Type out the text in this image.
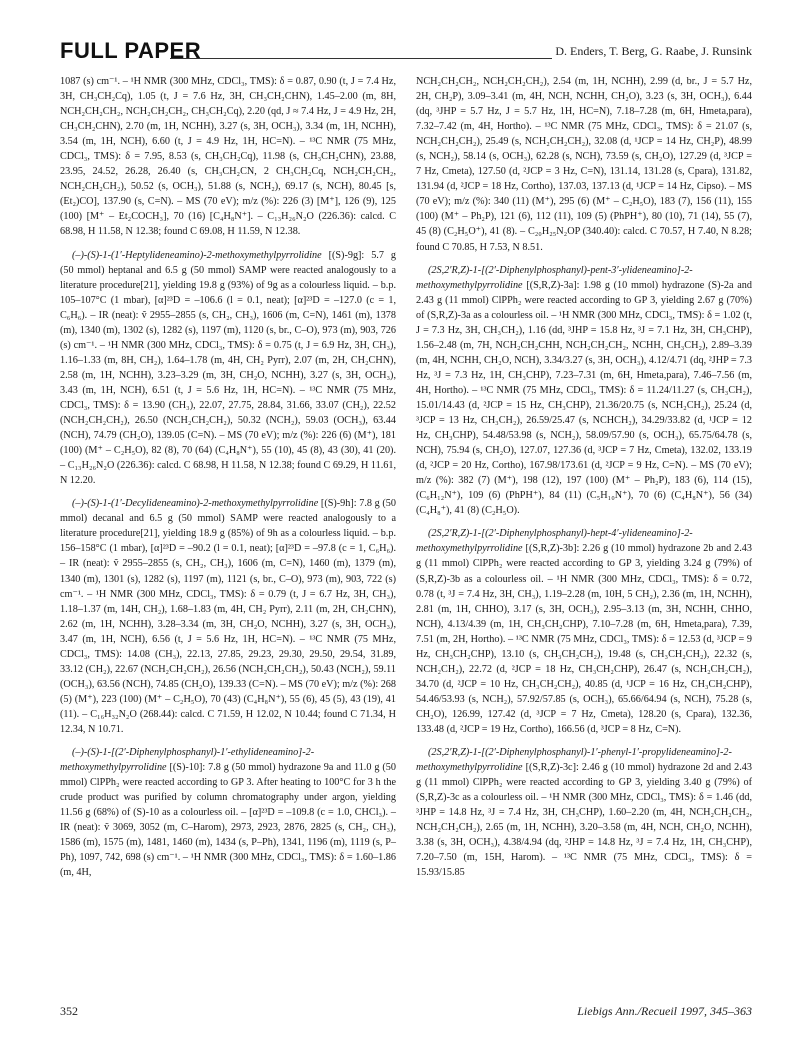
FULL PAPER	D. Enders, T. Berg, G. Raabe, J. Runsink

1087 (s) cm⁻¹. – ¹H NMR (300 MHz, CDCl₃, TMS): δ = 0.87, 0.90 (t, J = 7.4 Hz, 3H, CH₃CH₂Cq), 1.05 (t, J = 7.6 Hz, 3H, CH₃CH₂CHN), 1.45–2.00 (m, 8H, NCH₂CH₂CH₂, NCH₂CH₂CH₂, CH₃CH₂Cq), 2.20 (qd, J ≈ 7.4 Hz, J = 4.9 Hz, 2H, CH₃CH₂CHN), 2.70 (m, 1H, NCHH), 3.27 (s, 3H, OCH₃), 3.34 (m, 1H, NCHH), 3.54 (m, 1H, NCH), 6.60 (t, J = 4.9 Hz, 1H, HC=N). – ¹³C NMR (75 MHz, CDCl₃, TMS): δ = 7.95, 8.53 (s, CH₃CH₂Cq), 11.98 (s, CH₃CH₂CHN), 23.88, 23.95, 24.52, 26.28, 26.40 (s, CH₃CH₂CN, 2 CH₃CH₂Cq, NCH₂CH₂CH₂, NCH₂CH₂CH₂), 50.52 (s, OCH₃), 51.88 (s, NCH₂), 69.17 (s, NCH), 80.45 [s, (Et₂)CO], 137.90 (s, C=N). – MS (70 eV); m/z (%): 226 (3) [M⁺], 126 (9), 125 (100) [M⁺ – Et₂COCH₃], 70 (16) [C₄H₈N⁺]. – C₁₃H₂₆N₂O (226.36): calcd. C 68.98, H 11.58, N 12.38; found C 69.08, H 11.59, N 12.38.

(–)-(S)-1-(1′-Heptylideneamino)-2-methoxymethylpyrrolidine [(S)-9g]: 5.7 g (50 mmol) heptanal and 6.5 g (50 mmol) SAMP were reacted analogously to a literature procedure[21], yielding 19.8 g (93%) of 9g as a colourless liquid. – b.p. 105–107°C (1 mbar), [α]²³D = –106.6 (l = 0.1, neat); [α]²³D = –127.0 (c = 1, C₆H₆). – IR (neat): ṽ 2955–2855 (s, CH₂, CH₃), 1606 (m, C=N), 1461 (m), 1378 (m), 1340 (m), 1302 (s), 1282 (s), 1197 (m), 1120 (s, br., C–O), 973 (m), 903, 726 (s) cm⁻¹. – ¹H NMR (300 MHz, CDCl₃, TMS): δ = 0.75 (t, J = 6.9 Hz, 3H, CH₃), 1.16–1.33 (m, 8H, CH₂), 1.64–1.78 (m, 4H, CH₂ Pyrr), 2.07 (m, 2H, CH₂CHN), 2.58 (m, 1H, NCHH), 3.23–3.29 (m, 3H, CH₂O, NCHH), 3.27 (s, 3H, OCH₃), 3.43 (m, 1H, NCH), 6.51 (t, J = 5.6 Hz, 1H, HC=N). – ¹³C NMR (75 MHz, CDCl₃, TMS): δ = 13.90 (CH₃), 22.07, 27.75, 28.84, 31.66, 33.07 (CH₂), 22.52 (NCH₂CH₂CH₂), 26.50 (NCH₂CH₂CH₂), 50.32 (NCH₂), 59.03 (OCH₃), 63.44 (NCH), 74.79 (CH₂O), 139.05 (C=N). – MS (70 eV); m/z (%): 226 (6) (M⁺), 181 (100) (M⁺ – C₂H₅O), 82 (8), 70 (64) (C₄H₈N⁺), 55 (10), 45 (8), 43 (30), 41 (20). – C₁₃H₂₆N₂O (226.36): calcd. C 68.98, H 11.58, N 12.38; found C 69.29, H 11.61, N 12.20.

(–)-(S)-1-(1′-Decylideneamino)-2-methoxymethylpyrrolidine [(S)-9h]: 7.8 g (50 mmol) decanal and 6.5 g (50 mmol) SAMP were reacted analogously to a literature procedure[21], yielding 18.9 g (85%) of 9h as a colourless liquid. – b.p. 156–158°C (1 mbar), [α]²³D = –90.2 (l = 0.1, neat); [α]²³D = –97.8 (c = 1, C₆H₆). – IR (neat): ṽ 2955–2855 (s, CH₂, CH₃), 1606 (m, C=N), 1460 (m), 1379 (m), 1340 (m), 1301 (s), 1282 (s), 1197 (m), 1121 (s, br., C–O), 973 (m), 903, 722 (s) cm⁻¹. – ¹H NMR (300 MHz, CDCl₃, TMS): δ = 0.79 (t, J = 6.7 Hz, 3H, CH₃), 1.18–1.37 (m, 14H, CH₂), 1.68–1.83 (m, 4H, CH₂ Pyrr), 2.11 (m, 2H, CH₂CHN), 2.62 (m, 1H, NCHH), 3.28–3.34 (m, 3H, CH₂O, NCHH), 3.27 (s, 3H, OCH₃), 3.47 (m, 1H, NCH), 6.56 (t, J = 5.6 Hz, 1H, HC=N). – ¹³C NMR (75 MHz, CDCl₃, TMS): 14.08 (CH₃), 22.13, 27.85, 29.23, 29.30, 29.50, 29.54, 31.89, 33.12 (CH₂), 22.67 (NCH₂CH₂CH₂), 26.56 (NCH₂CH₂CH₂), 50.43 (NCH₂), 59.11 (OCH₃), 63.56 (NCH), 74.85 (CH₂O), 139.33 (C=N). – MS (70 eV); m/z (%): 268 (5) (M⁺), 223 (100) (M⁺ – C₂H₅O), 70 (43) (C₄H₈N⁺), 55 (6), 45 (5), 43 (19), 41 (11). – C₁₆H₃₂N₂O (268.44): calcd. C 71.59, H 12.02, N 10.44; found C 71.34, H 12.34, N 10.71.

(–)-(S)-1-[(2′-Diphenylphosphanyl)-1′-ethylideneamino]-2-methoxymethylpyrrolidine [(S)-10]: 7.8 g (50 mmol) hydrazone 9a and 11.0 g (50 mmol) ClPPh₂ were reacted according to GP 3. After heating to 100°C for 3 h the crude product was purified by column chromatography under argon, yielding 11.56 g (68%) of (S)-10 as a colourless oil. – [α]²³D = –109.8 (c = 1.0, CHCl₃). – IR (neat): ṽ 3069, 3052 (m, C–Harom), 2973, 2923, 2876, 2825 (s, CH₂, CH₃), 1586 (m), 1575 (m), 1481, 1460 (m), 1434 (s, P–Ph), 1341, 1196 (m), 1119 (s, P–Ph), 1097, 742, 698 (s) cm⁻¹. – ¹H NMR (300 MHz, CDCl₃, TMS): δ = 1.60–1.86 (m, 4H,

NCH₂CH₂CH₂, NCH₂CH₂CH₂), 2.54 (m, 1H, NCHH), 2.99 (d, br., J = 5.7 Hz, 2H, CH₂P), 3.09–3.41 (m, 4H, NCH, NCHH, CH₂O), 3.23 (s, 3H, OCH₃), 6.44 (dq, ³JHP = 5.7 Hz, J = 5.7 Hz, 1H, HC=N), 7.18–7.28 (m, 6H, Hmeta,para), 7.32–7.42 (m, 4H, Hortho). – ¹³C NMR (75 MHz, CDCl₃, TMS): δ = 21.07 (s, NCH₂CH₂CH₂), 25.49 (s, NCH₂CH₂CH₂), 32.08 (d, ¹JCP = 14 Hz, CH₂P), 48.99 (s, NCH₂), 58.14 (s, OCH₃), 62.28 (s, NCH), 73.59 (s, CH₂O), 127.29 (d, ³JCP = 7 Hz, Cmeta), 127.50 (d, ²JCP = 3 Hz, C=N), 131.14, 131.28 (s, Cpara), 131.82, 131.94 (d, ²JCP = 18 Hz, Cortho), 137.03, 137.13 (d, ¹JCP = 14 Hz, Cipso). – MS (70 eV); m/z (%): 340 (11) (M⁺), 295 (6) (M⁺ – C₂H₅O), 183 (7), 156 (11), 155 (100) (M⁺ – Ph₂P), 121 (6), 112 (11), 109 (5) (PhPH⁺), 80 (10), 71 (14), 55 (7), 45 (8) (C₂H₅O⁺), 41 (8). – C₂₀H₂₅N₂OP (340.40): calcd. C 70.57, H 7.40, N 8.28; found C 70.85, H 7.53, N 8.51.

(2S,2′R,Z)-1-[(2′-Diphenylphosphanyl)-pent-3′-ylideneamino]-2-methoxymethylpyrrolidine [(S,R,Z)-3a]: 1.98 g (10 mmol) hydrazone (S)-2a and 2.43 g (11 mmol) ClPPh₂ were reacted according to GP 3, yielding 2.67 g (70%) of (S,R,Z)-3a as a colourless oil. – ¹H NMR (300 MHz, CDCl₃, TMS): δ = 1.02 (t, J = 7.3 Hz, 3H, CH₃CH₂), 1.16 (dd, ³JHP = 15.8 Hz, ³J = 7.1 Hz, 3H, CH₃CHP), 1.56–2.48 (m, 7H, NCH₂CH₂CHH, NCH₂CH₂CH₂, NCHH, CH₃CH₂), 2.89–3.39 (m, 4H, NCHH, CH₂O, NCH), 3.34/3.27 (s, 3H, OCH₃), 4.12/4.71 (dq, ²JHP = 7.3 Hz, ³J = 7.3 Hz, 1H, CH₃CHP), 7.23–7.31 (m, 6H, Hmeta,para), 7.46–7.56 (m, 4H, Hortho). – ¹³C NMR (75 MHz, CDCl₃, TMS): δ = 11.24/11.27 (s, CH₃CH₂), 15.01/14.43 (d, ²JCP = 15 Hz, CH₃CHP), 21.36/20.75 (s, NCH₂CH₂), 25.24 (d, ³JCP = 13 Hz, CH₃CH₂), 26.59/25.47 (s, NCHCH₂), 34.29/33.82 (d, ¹JCP = 12 Hz, CH₃CHP), 54.48/53.98 (s, NCH₂), 58.09/57.90 (s, OCH₃), 65.75/64.78 (s, NCH), 75.94 (s, CH₂O), 127.07, 127.36 (d, ³JCP = 7 Hz, Cmeta), 132.02, 133.19 (d, ²JCP = 20 Hz, Cortho), 167.98/173.61 (d, ²JCP = 9 Hz, C=N). – MS (70 eV); m/z (%): 382 (7) (M⁺), 198 (12), 197 (100) (M⁺ – Ph₂P), 183 (6), 114 (15), (C₆H₁₂N⁺), 109 (6) (PhPH⁺), 84 (11) (C₅H₁₀N⁺), 70 (6) (C₄H₈N⁺), 56 (34) (C₄H₈⁺), 41 (8) (C₂H₅O).

(2S,2′R,Z)-1-[(2′-Diphenylphosphanyl)-hept-4′-ylideneamino]-2-methoxymethylpyrrolidine [(S,R,Z)-3b]: 2.26 g (10 mmol) hydrazone 2b and 2.43 g (11 mmol) ClPPh₂ were reacted according to GP 3, yielding 3.24 g (79%) of (S,R,Z)-3b as a colourless oil. – ¹H NMR (300 MHz, CDCl₃, TMS): δ = 0.72, 0.78 (t, ³J = 7.4 Hz, 3H, CH₃), 1.19–2.28 (m, 10H, 5 CH₂), 2.36 (m, 1H, NCHH), 2.81 (m, 1H, CHHO), 3.17 (s, 3H, OCH₃), 2.95–3.13 (m, 3H, NCHH, CHHO, NCH), 4.13/4.39 (m, 1H, CH₃CH₂CHP), 7.10–7.28 (m, 6H, Hmeta,para), 7.39, 7.51 (m, 2H, Hortho). – ¹³C NMR (75 MHz, CDCl₃, TMS): δ = 12.53 (d, ³JCP = 9 Hz, CH₃CH₂CHP), 13.10 (s, CH₃CH₂CH₂), 19.48 (s, CH₃CH₂CH₂), 22.32 (s, NCH₂CH₂), 22.72 (d, ²JCP = 18 Hz, CH₃CH₂CHP), 26.47 (s, NCH₂CH₂CH₂), 34.70 (d, ²JCP = 10 Hz, CH₃CH₂CH₂), 40.85 (d, ¹JCP = 16 Hz, CH₃CH₂CHP), 54.46/53.93 (s, NCH₂), 57.92/57.85 (s, OCH₃), 65.66/64.94 (s, NCH), 75.28 (s, CH₂O), 126.99, 127.42 (d, ³JCP = 7 Hz, Cmeta), 128.20 (s, Cpara), 132.36, 133.48 (d, ²JCP = 19 Hz, Cortho), 166.56 (d, ³JCP = 8 Hz, C=N).

(2S,2′R,Z)-1-[(2′-Diphenylphosphanyl)-1′-phenyl-1′-propylideneamino]-2-methoxymethylpyrrolidine [(S,R,Z)-3c]: 2.46 g (10 mmol) hydrazone 2d and 2.43 g (11 mmol) ClPPh₂ were reacted according to GP 3, yielding 3.40 g (79%) of (S,R,Z)-3c as a colourless oil. – ¹H NMR (300 MHz, CDCl₃, TMS): δ = 1.46 (dd, ³JHP = 14.8 Hz, ³J = 7.4 Hz, 3H, CH₃CHP), 1.60–2.20 (m, 4H, NCH₂CH₂CH₂, NCH₂CH₂CH₂), 2.65 (m, 1H, NCHH), 3.20–3.58 (m, 4H, NCH, CH₂O, NCHH), 3.38 (s, 3H, OCH₃), 4.38/4.94 (dq, ²JHP = 14.8 Hz, ³J = 7.4 Hz, 1H, CH₃CHP), 7.20–7.50 (m, 15H, Harom). – ¹³C NMR (75 MHz, CDCl₃, TMS): δ = 15.93/15.85

352	Liebigs Ann./Recueil 1997, 345–363
